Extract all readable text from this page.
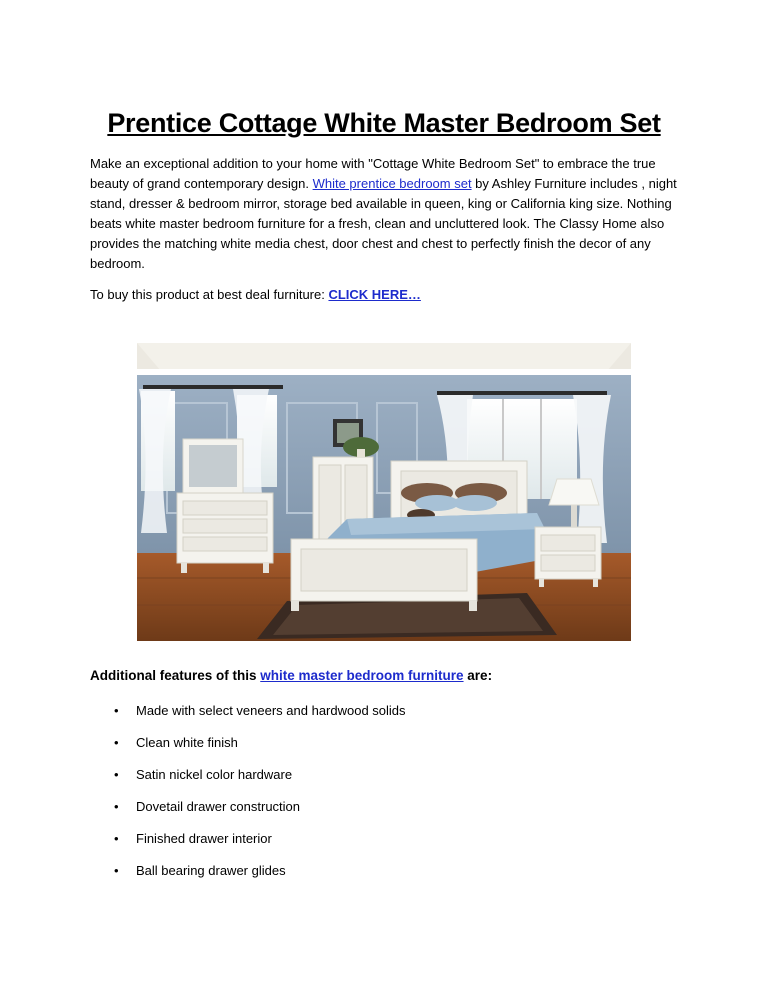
Prentice Cottage White Master Bedroom Set

Make an exceptional addition to your home with "Cottage White Bedroom Set" to embrace the true beauty of grand contemporary design. White prentice bedroom set by Ashley Furniture includes , night stand, dresser & bedroom mirror, storage bed available in queen, king or California king size. Nothing beats white master bedroom furniture for a fresh, clean and uncluttered look. The Classy Home also provides the matching white media chest, door chest and chest to perfectly finish the decor of any bedroom.

To buy this product at best deal furniture: CLICK HERE…
Additional features of this white master bedroom furniture are:
• Made with select veneers and hardwood solids
• Clean white finish
• Satin nickel color hardware
• Dovetail drawer construction
• Finished drawer interior
• Ball bearing drawer glides
